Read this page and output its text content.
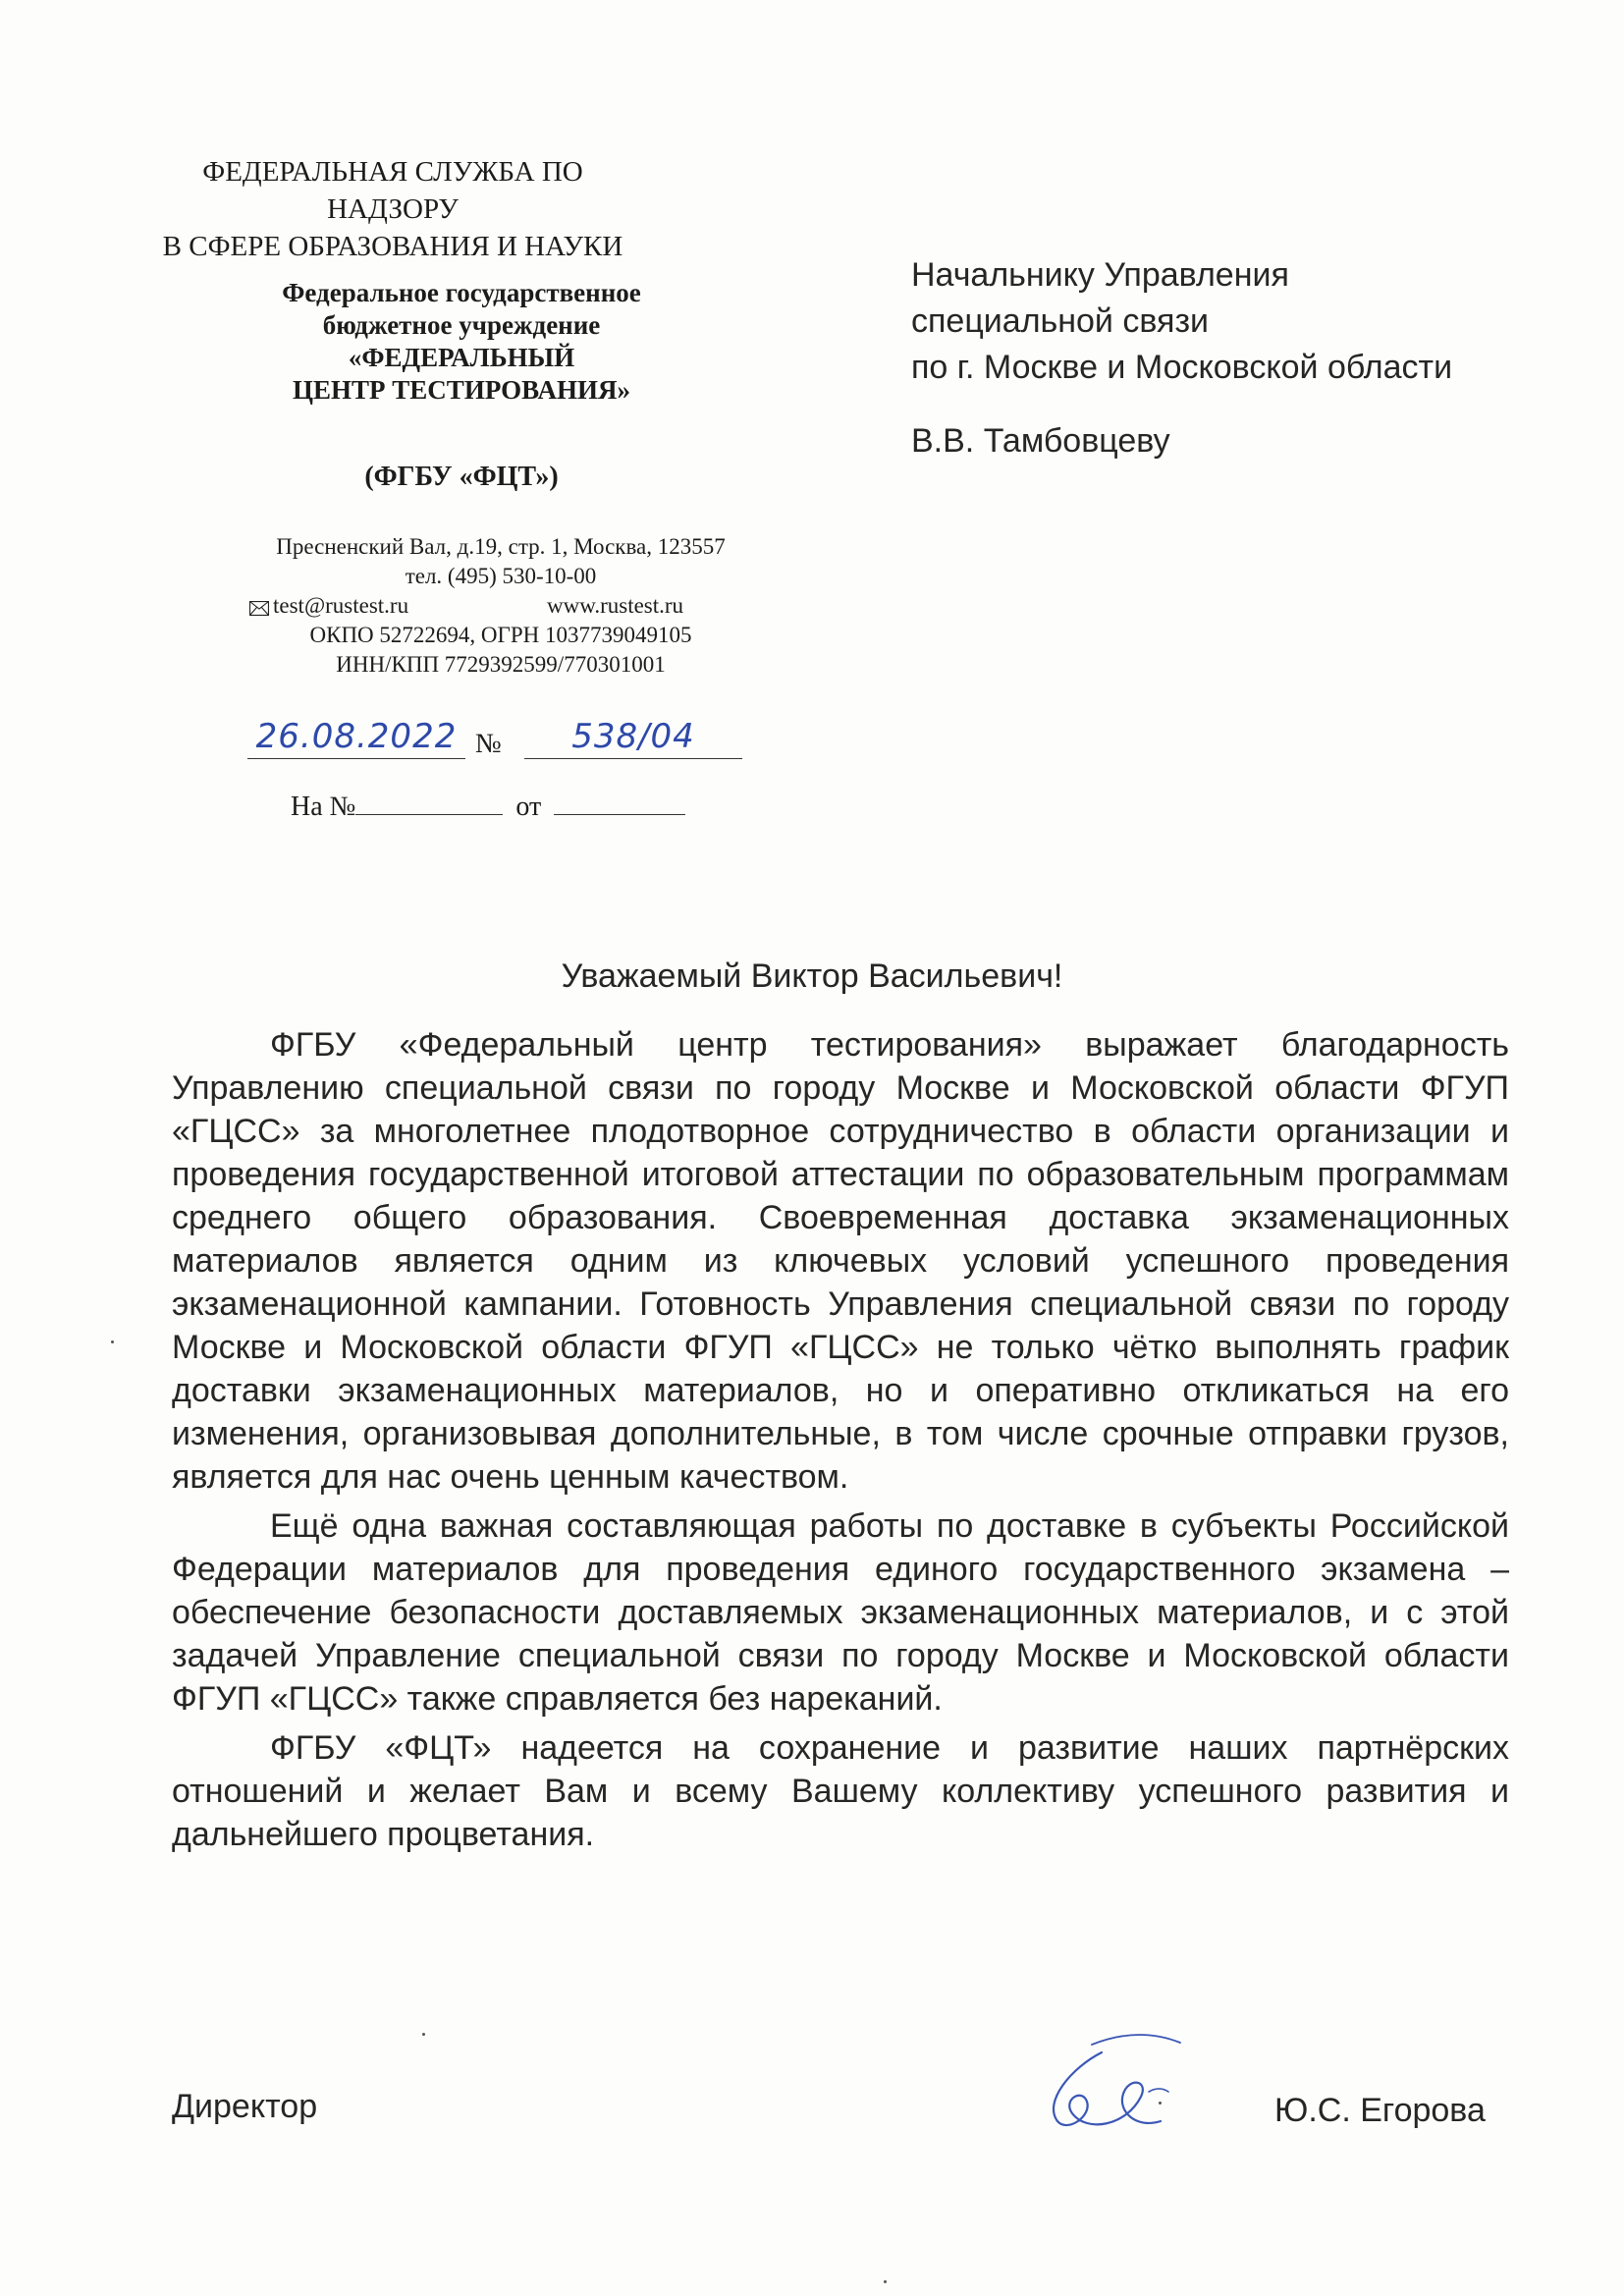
ФЕДЕРАЛЬНАЯ СЛУЖБА ПО НАДЗОРУ
В СФЕРЕ ОБРАЗОВАНИЯ И НАУКИ
Федеральное государственное
бюджетное учреждение
«ФЕДЕРАЛЬНЫЙ
ЦЕНТР ТЕСТИРОВАНИЯ»
(ФГБУ «ФЦТ»)
Пресненский Вал, д.19, стр. 1, Москва, 123557
тел. (495) 530-10-00
test@rustest.ru	www.rustest.ru
ОКПО 52722694, ОГРН 1037739049105
ИНН/КПП 7729392599/770301001
26.08.2022 №	538/04
На №	от
Начальнику Управления
специальной связи
по г. Москве и Московской области
В.В. Тамбовцеву
Уважаемый Виктор Васильевич!

ФГБУ «Федеральный центр тестирования» выражает благодарность Управлению специальной связи по городу Москве и Московской области ФГУП «ГЦСС» за многолетнее плодотворное сотрудничество в области организации и проведения государственной итоговой аттестации по образовательным программам среднего общего образования. Своевременная доставка экзаменационных материалов является одним из ключевых условий успешного проведения экзаменационной кампании. Готовность Управления специальной связи по городу Москве и Московской области ФГУП «ГЦСС» не только чётко выполнять график доставки экзаменационных материалов, но и оперативно откликаться на его изменения, организовывая дополнительные, в том числе срочные отправки грузов, является для нас очень ценным качеством.

Ещё одна важная составляющая работы по доставке в субъекты Российской Федерации материалов для проведения единого государственного экзамена – обеспечение безопасности доставляемых экзаменационных материалов, и с этой задачей Управление специальной связи по городу Москве и Московской области ФГУП «ГЦСС» также справляется без нареканий.

ФГБУ «ФЦТ» надеется на сохранение и развитие наших партнёрских отношений и желает Вам и всему Вашему коллективу успешного развития и дальнейшего процветания.

Директор	Ю.С. Егорова
